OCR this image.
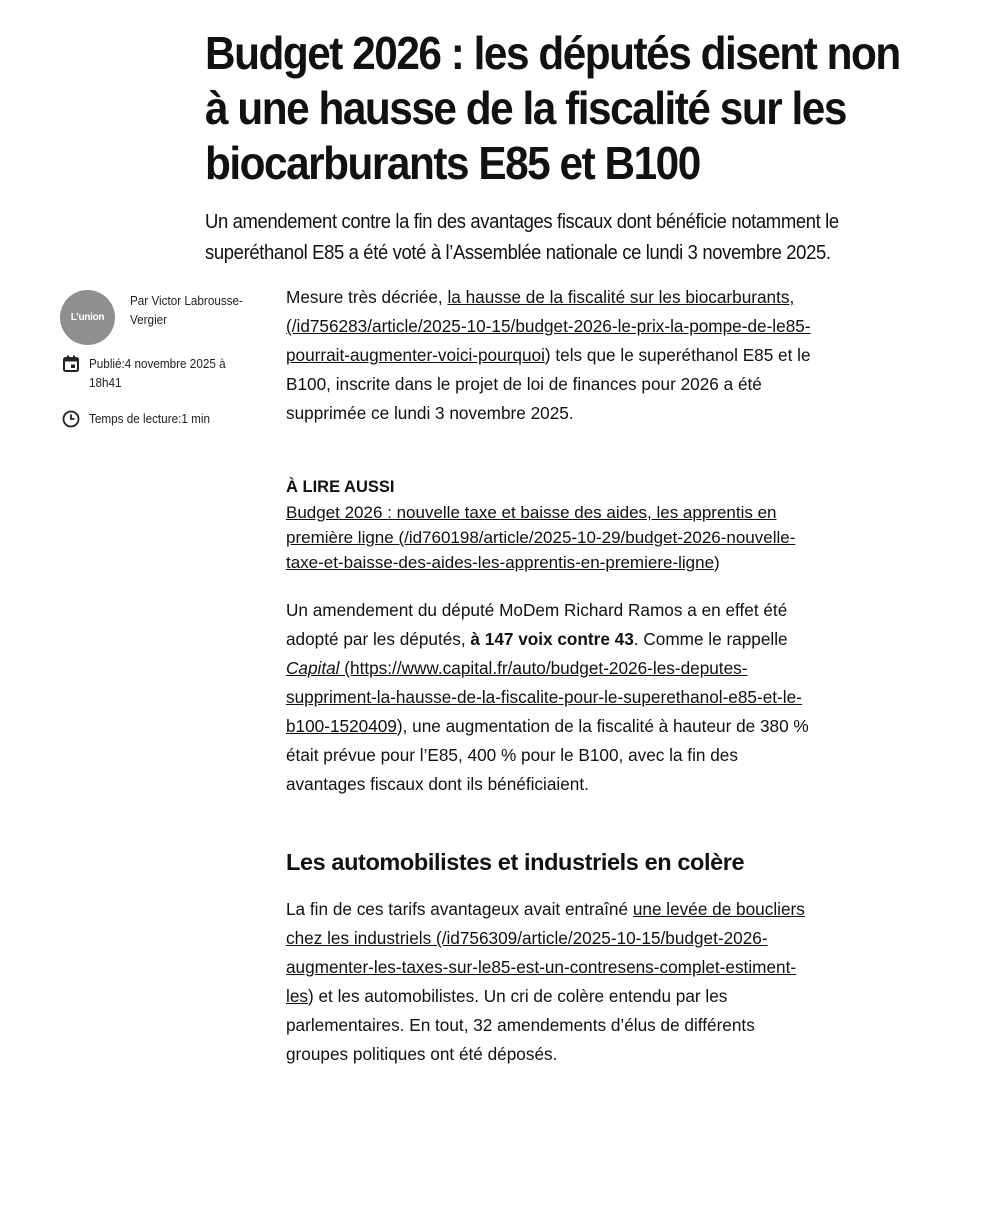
Budget 2026 : les députés disent non à une hausse de la fiscalité sur les biocarburants E85 et B100

Un amendement contre la fin des avantages fiscaux dont bénéficie notamment le superéthanol E85 a été voté à l’Assemblée nationale ce lundi 3 novembre 2025.

L’union
Par Victor Labrousse-Vergier
Publié:4 novembre 2025 à 18h41
Temps de lecture:1 min

Mesure très décriée, la hausse de la fiscalité sur les biocarburants, (/id756283/article/2025-10-15/budget-2026-le-prix-la-pompe-de-le85-pourrait-augmenter-voici-pourquoi) tels que le superéthanol E85 et le B100, inscrite dans le projet de loi de finances pour 2026 a été supprimée ce lundi 3 novembre 2025.

À LIRE AUSSI
Budget 2026 : nouvelle taxe et baisse des aides, les apprentis en première ligne (/id760198/article/2025-10-29/budget-2026-nouvelle-taxe-et-baisse-des-aides-les-apprentis-en-premiere-ligne)

Un amendement du député MoDem Richard Ramos a en effet été adopté par les députés, à 147 voix contre 43. Comme le rappelle Capital (https://www.capital.fr/auto/budget-2026-les-deputes-suppriment-la-hausse-de-la-fiscalite-pour-le-superethanol-e85-et-le-b100-1520409), une augmentation de la fiscalité à hauteur de 380 % était prévue pour l’E85, 400 % pour le B100, avec la fin des avantages fiscaux dont ils bénéficiaient.

Les automobilistes et industriels en colère

La fin de ces tarifs avantageux avait entraîné une levée de boucliers chez les industriels (/id756309/article/2025-10-15/budget-2026-augmenter-les-taxes-sur-le85-est-un-contresens-complet-estiment-les) et les automobilistes. Un cri de colère entendu par les parlementaires. En tout, 32 amendements d’élus de différents groupes politiques ont été déposés.
